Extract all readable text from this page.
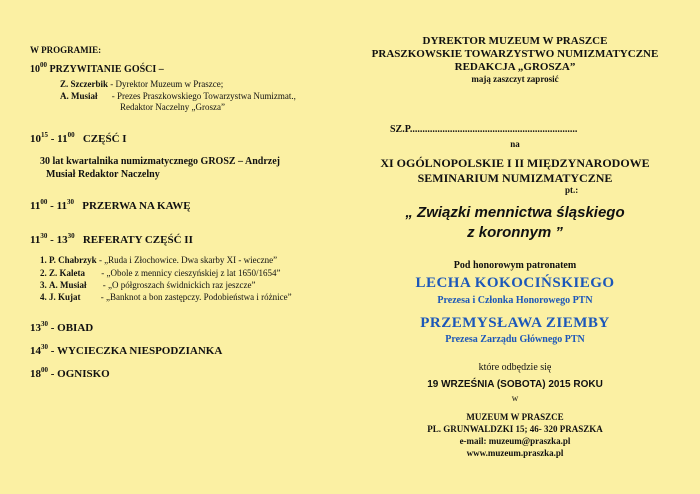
W PROGRAMIE:
$10^{00}$ PRZYWITANIE GOŚCI –
Z. Szczerbik - Dyrektor Muzeum w Praszce;
A. Musiał - Prezes Praszkowskiego Towarzystwa Numizmat.,
Redaktor Naczelny „Grosza”
$10^{15} - 11^{00}$ CZĘŚĆ I
30 lat kwartalnika numizmatycznego GROSZ – Andrzej
Musiał Redaktor Naczelny
$11^{00} - 11^{30}$ PRZERWA NA KAWĘ
$11^{30} - 13^{30}$ REFERATY CZĘŚĆ II
1. P. Chabrzyk - „Ruda i Złochowice. Dwa skarby XI - wieczne”
2. Z. Kaleta - „Obole z mennicy cieszyńskiej z lat 1650/1654”
3. A. Musiał - „O półgroszach świdnickich raz jeszcze”
4. J. Kujat - „Banknot a bon zastępczy. Podobieństwa i różnice”
$13^{30}$ - OBIAD
$14^{30}$ - WYCIECZKA NIESPODZIANKA
$18^{00}$ - OGNISKO
DYREKTOR MUZEUM W PRASZCE
PRASZKOWSKIE TOWARZYSTWO NUMIZMATYCZNE
REDAKCJA „GROSZA”
mają zaszczyt zaprosić
SZ.P...................................................................
na
XI OGÓLNOPOLSKIE I II MIĘDZYNARODOWE
SEMINARIUM NUMIZMATYCZNE
pt.:
„ Związki mennictwa śląskiego
z koronnym ”
Pod honorowym patronatem
LECHA KOKOCIŃSKIEGO
Prezesa i Członka Honorowego PTN
PRZEMYSŁAWA ZIEMBY
Prezesa Zarządu Głównego PTN
które odbędzie się
19 WRZEŚNIA (SOBOTA) 2015 ROKU
w
MUZEUM W PRASZCE
PL. GRUNWALDZKI 15; 46- 320 PRASZKA
e-mail: muzeum@praszka.pl
www.muzeum.praszka.pl
